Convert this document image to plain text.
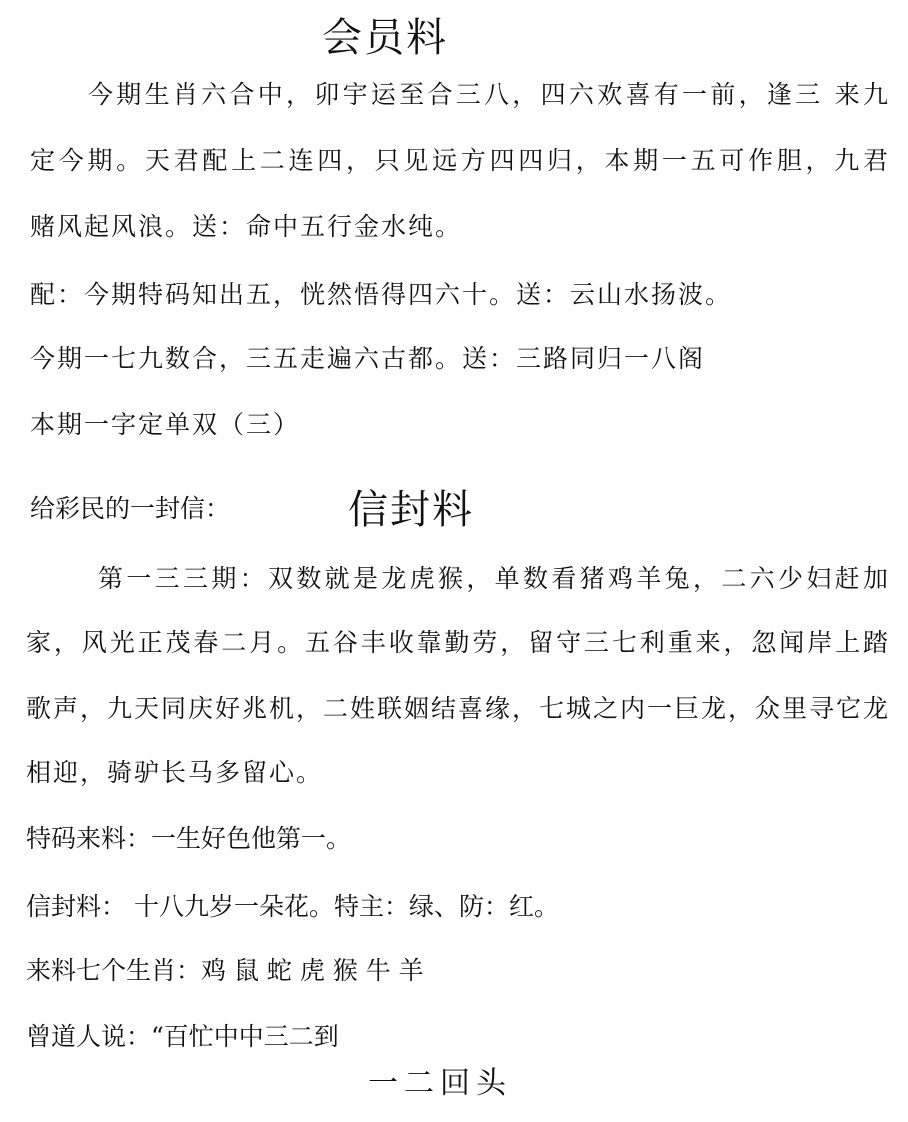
会员料
今期生肖六合中，卯宇运至合三八，四六欢喜有一前，逢三 来九
定今期。天君配上二连四，只见远方四四归，本期一五可作胆，九君
赌风起风浪。送：命中五行金水纯。
配：今期特码知出五，恍然悟得四六十。送：云山水扬波。
今期一七九数合，三五走遍六古都。送：三路同归一八阁
本期一字定单双（三）
给彩民的一封信：	信封料
第一三三期：双数就是龙虎猴，单数看猪鸡羊兔，二六少妇赶加
家，风光正茂春二月。五谷丰收靠勤劳，留守三七利重来，忽闻岸上踏
歌声，九天同庆好兆机，二姓联姻结喜缘，七城之内一巨龙，众里寻它龙
相迎，骑驴长马多留心。
特码来料：一生好色他第一。
信封料： 十八九岁一朵花。特主：绿、防：红。
来料七个生肖：鸡 鼠 蛇 虎 猴 牛 羊
曾道人说：“百忙中中三二到
一二回头
